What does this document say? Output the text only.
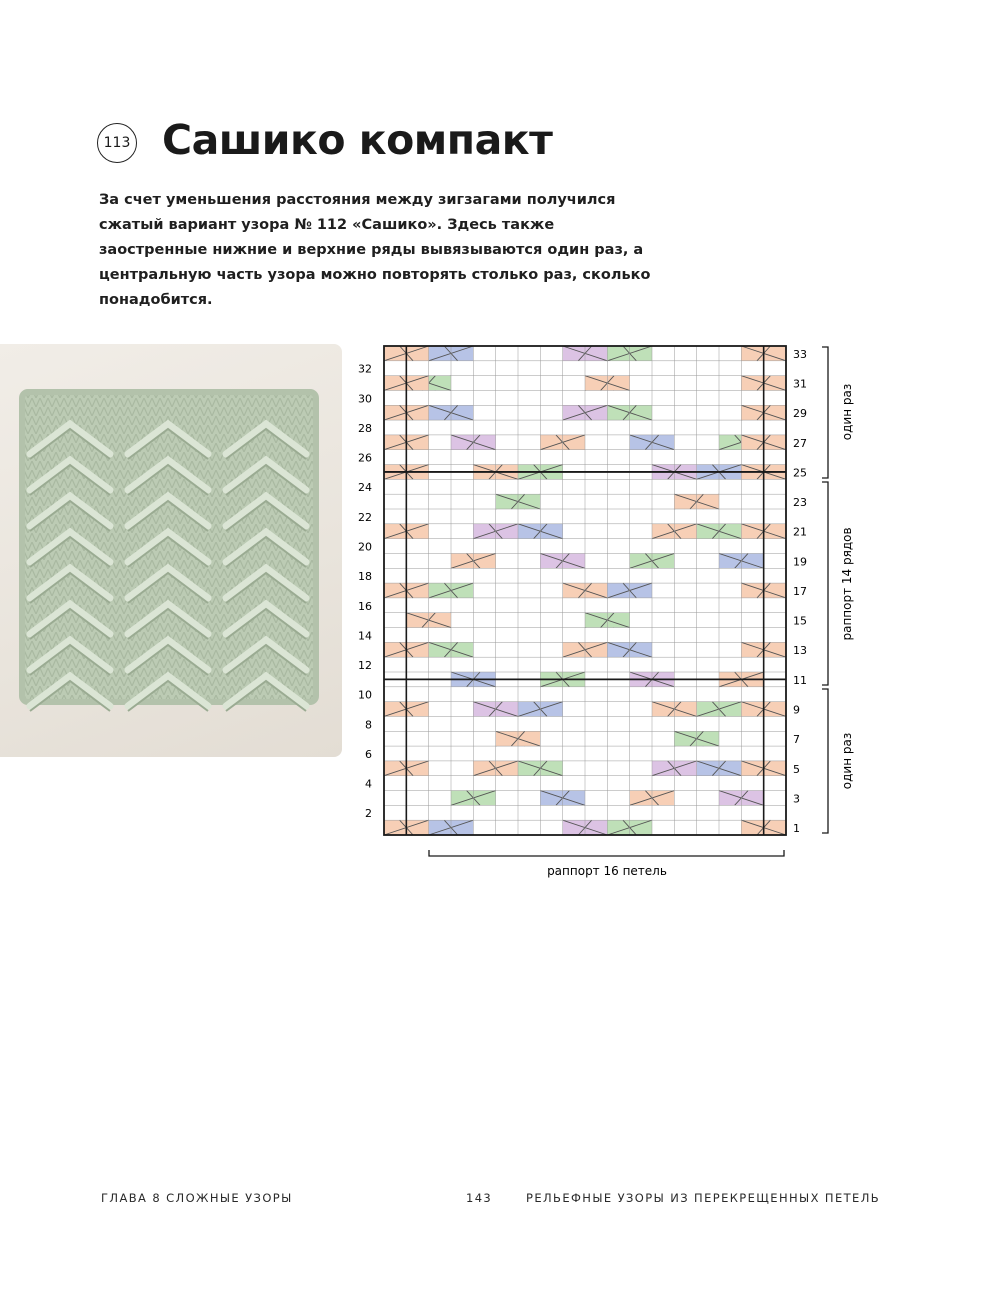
113 Сашико компакт

За счет уменьшения расстояния между зигзагами получился сжатый вариант узора № 112 «Сашико». Здесь также заостренные нижние и верхние ряды вывязываются один раз, а центральную часть узора можно повторять столько раз, сколько понадобится.

32
30
28
26
24
22
20
18
16
14
12
10
8
6
4
2
33
31
29
27
25
23
21
19
17
15
13
11
9
7
5
3
1
один раз
раппорт 14 рядов
один раз
раппорт 16 петель
ГЛАВА 8 СЛОЖНЫЕ УЗОРЫ	143	РЕЛЬЕФНЫЕ УЗОРЫ ИЗ ПЕРЕКРЕЩЕННЫХ ПЕТЕЛЬ
